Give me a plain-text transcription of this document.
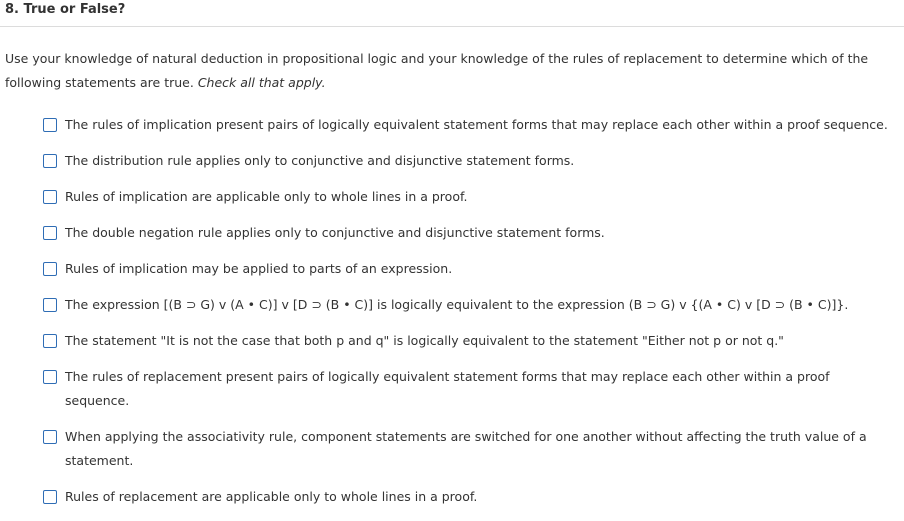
8. True or False?
Use your knowledge of natural deduction in propositional logic and your knowledge of the rules of replacement to determine which of the following statements are true. Check all that apply.
The rules of implication present pairs of logically equivalent statement forms that may replace each other within a proof sequence.
The distribution rule applies only to conjunctive and disjunctive statement forms.
Rules of implication are applicable only to whole lines in a proof.
The double negation rule applies only to conjunctive and disjunctive statement forms.
Rules of implication may be applied to parts of an expression.
The expression [(B ⊃ G) v (A • C)] v [D ⊃ (B • C)] is logically equivalent to the expression (B ⊃ G) v {(A • C) v [D ⊃ (B • C)]}.
The statement "It is not the case that both p and q" is logically equivalent to the statement "Either not p or not q."
The rules of replacement present pairs of logically equivalent statement forms that may replace each other within a proof sequence.
When applying the associativity rule, component statements are switched for one another without affecting the truth value of a statement.
Rules of replacement are applicable only to whole lines in a proof.
